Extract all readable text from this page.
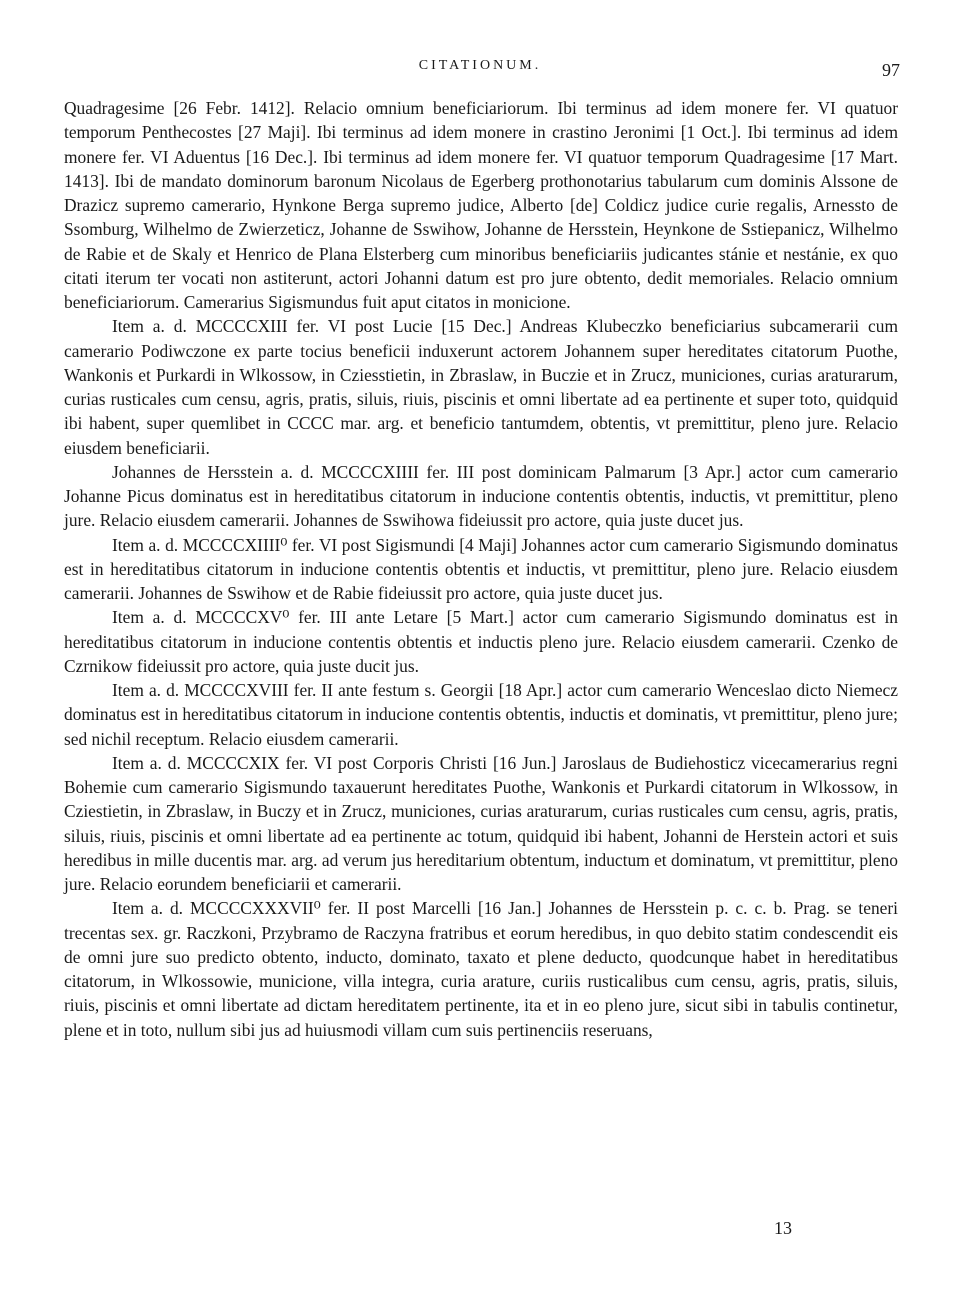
CITATIONUM.	97

Quadragesime [26 Febr. 1412]. Relacio omnium beneficiariorum. Ibi terminus ad idem monere fer. VI quatuor temporum Penthecostes [27 Maji]. Ibi terminus ad idem monere in crastino Jeronimi [1 Oct.]. Ibi terminus ad idem monere fer. VI Aduentus [16 Dec.]. Ibi terminus ad idem monere fer. VI quatuor temporum Quadragesime [17 Mart. 1413]. Ibi de mandato dominorum baronum Nicolaus de Egerberg prothonotarius tabularum cum dominis Alssone de Drazicz supremo camerario, Hynkone Berga supremo judice, Alberto [de] Coldicz judice curie regalis, Arnessto de Ssomburg, Wilhelmo de Zwierzeticz, Johanne de Sswihow, Johanne de Hersstein, Heynkone de Sstiepanicz, Wilhelmo de Rabie et de Skaly et Henrico de Plana Elsterberg cum minoribus beneficiariis judicantes stánie et nestánie, ex quo citati iterum ter vocati non astiterunt, actori Johanni datum est pro jure obtento, dedit memoriales. Relacio omnium beneficiariorum. Camerarius Sigismundus fuit aput citatos in monicione.

Item a. d. MCCCCXIII fer. VI post Lucie [15 Dec.] Andreas Klubeczko beneficiarius subcamerarii cum camerario Podiwczone ex parte tocius beneficii induxerunt actorem Johannem super hereditates citatorum Puothe, Wankonis et Purkardi in Wlkossow, in Cziesstietin, in Zbraslaw, in Buczie et in Zrucz, municiones, curias araturarum, curias rusticales cum censu, agris, pratis, siluis, riuis, piscinis et omni libertate ad ea pertinente et super toto, quidquid ibi habent, super quemlibet in CCCC mar. arg. et beneficio tantumdem, obtentis, vt premittitur, pleno jure. Relacio eiusdem beneficiarii.

Johannes de Hersstein a. d. MCCCCXIIII fer. III post dominicam Palmarum [3 Apr.] actor cum camerario Johanne Picus dominatus est in hereditatibus citatorum in inducione contentis obtentis, inductis, vt premittitur, pleno jure. Relacio eiusdem camerarii. Johannes de Sswihowa fideiussit pro actore, quia juste ducet jus.

Item a. d. MCCCCXIIII⁰ fer. VI post Sigismundi [4 Maji] Johannes actor cum camerario Sigismundo dominatus est in hereditatibus citatorum in inducione contentis obtentis et inductis, vt premittitur, pleno jure. Relacio eiusdem camerarii. Johannes de Sswihow et de Rabie fideiussit pro actore, quia juste ducet jus.

Item a. d. MCCCCXV⁰ fer. III ante Letare [5 Mart.] actor cum camerario Sigismundo dominatus est in hereditatibus citatorum in inducione contentis obtentis et inductis pleno jure. Relacio eiusdem camerarii. Czenko de Czrnikow fideiussit pro actore, quia juste ducit jus.

Item a. d. MCCCCXVIII fer. II ante festum s. Georgii [18 Apr.] actor cum camerario Wenceslao dicto Niemecz dominatus est in hereditatibus citatorum in inducione contentis obtentis, inductis et dominatis, vt premittitur, pleno jure; sed nichil receptum. Relacio eiusdem camerarii.

Item a. d. MCCCCXIX fer. VI post Corporis Christi [16 Jun.] Jaroslaus de Budiehosticz vicecamerarius regni Bohemie cum camerario Sigismundo taxauerunt hereditates Puothe, Wankonis et Purkardi citatorum in Wlkossow, in Cziestietin, in Zbraslaw, in Buczy et in Zrucz, municiones, curias araturarum, curias rusticales cum censu, agris, pratis, siluis, riuis, piscinis et omni libertate ad ea pertinente ac totum, quidquid ibi habent, Johanni de Herstein actori et suis heredibus in mille ducentis mar. arg. ad verum jus hereditarium obtentum, inductum et dominatum, vt premittitur, pleno jure. Relacio eorundem beneficiarii et camerarii.

Item a. d. MCCCCXXXVII⁰ fer. II post Marcelli [16 Jan.] Johannes de Hersstein p. c. c. b. Prag. se teneri trecentas sex. gr. Raczkoni, Przybramo de Raczyna fratribus et eorum heredibus, in quo debito statim condescendit eis de omni jure suo predicto obtento, inducto, dominato, taxato et plene deducto, quodcunque habet in hereditatibus citatorum, in Wlkossowie, municione, villa integra, curia arature, curiis rusticalibus cum censu, agris, pratis, siluis, riuis, piscinis et omni libertate ad dictam hereditatem pertinente, ita et in eo pleno jure, sicut sibi in tabulis continetur, plene et in toto, nullum sibi jus ad huiusmodi villam cum suis pertinenciis reseruans,

13
